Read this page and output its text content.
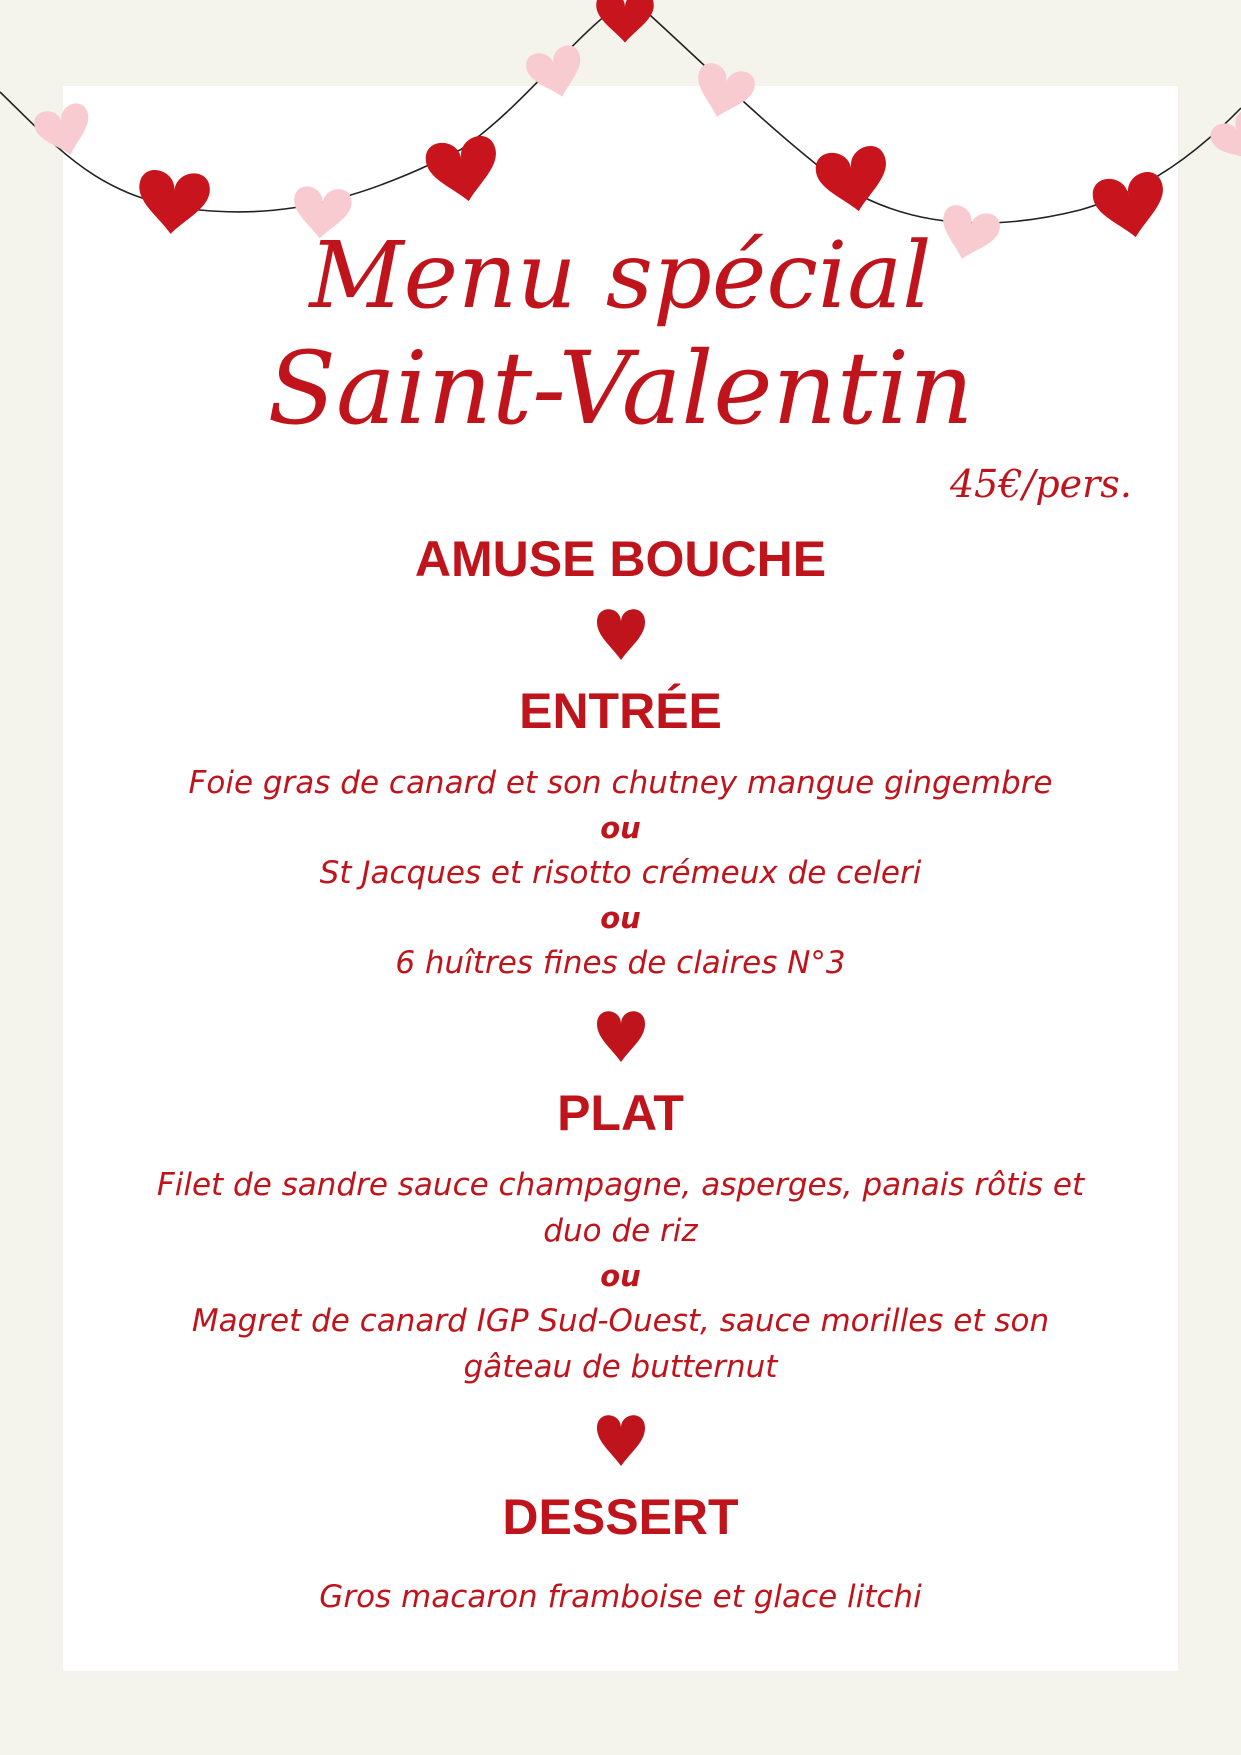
Menu spécial
Saint-Valentin
45€/pers.
AMUSE BOUCHE
ENTRÉE

Foie gras de canard et son chutney mangue gingembre

ou

St Jacques et risotto crémeux de celeri

ou

6 huîtres fines de claires N°3

PLAT

Filet de sandre sauce champagne, asperges, panais rôtis et

duo de riz

ou

Magret de canard IGP Sud-Ouest, sauce morilles et son

gâteau de butternut

DESSERT

Gros macaron framboise et glace litchi
